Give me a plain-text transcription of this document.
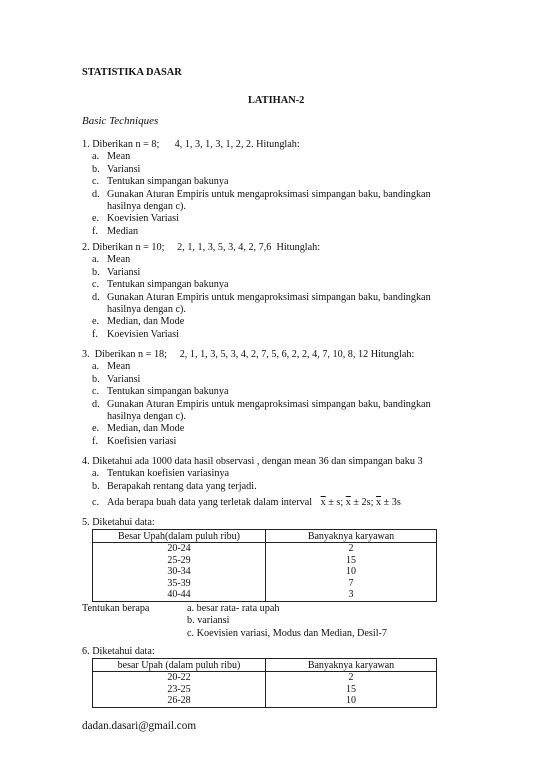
STATISTIKA DASAR
LATIHAN-2
Basic Techniques
1. Diberikan n = 8;      4, 1, 3, 1, 3, 1, 2, 2. Hitunglah:
a. Mean
b. Variansi
c. Tentukan simpangan bakunya
d. Gunakan Aturan Empiris untuk mengaproksimasi simpangan baku, bandingkan hasilnya dengan c).
e. Koevisien Variasi
f. Median
2. Diberikan n = 10;     2, 1, 1, 3, 5, 3, 4, 2, 7,6  Hitunglah:
a. Mean
b. Variansi
c. Tentukan simpangan bakunya
d. Gunakan Aturan Empiris untuk mengaproksimasi simpangan baku, bandingkan hasilnya dengan c).
e. Median, dan Mode
f. Koevisien Variasi
3.  Diberikan n = 18;     2, 1, 1, 3, 5, 3, 4, 2, 7, 5, 6, 2, 2, 4, 7, 10, 8, 12 Hitunglah:
a. Mean
b. Variansi
c. Tentukan simpangan bakunya
d. Gunakan Aturan Empiris untuk mengaproksimasi simpangan baku, bandingkan hasilnya dengan c).
e. Median, dan Mode
f. Koefisien variasi
4. Diketahui ada 1000 data hasil observasi , dengan mean 36 dan simpangan baku 3
a. Tentukan koefisien variasinya
b. Berapakah rentang data yang terjadi.
c. Ada berapa buah data yang terletak dalam interval $\overline{x} \pm s$; $\overline{x} \pm 2s$; $\overline{x} \pm 3s$
5. Diketahui data:
Besar Upah(dalam puluh ribu)	Banyaknya karyawan
20-24	2
25-29	15
30-34	10
35-39	7
40-44	3
Tentukan berapa	a. besar rata- rata upah
b. variansi
c. Koevisien variasi, Modus dan Median, Desil-7
6. Diketahui data:
besar Upah (dalam puluh ribu)	Banyaknya karyawan
20-22	2
23-25	15
26-28	10
dadan.dasari@gmail.com
